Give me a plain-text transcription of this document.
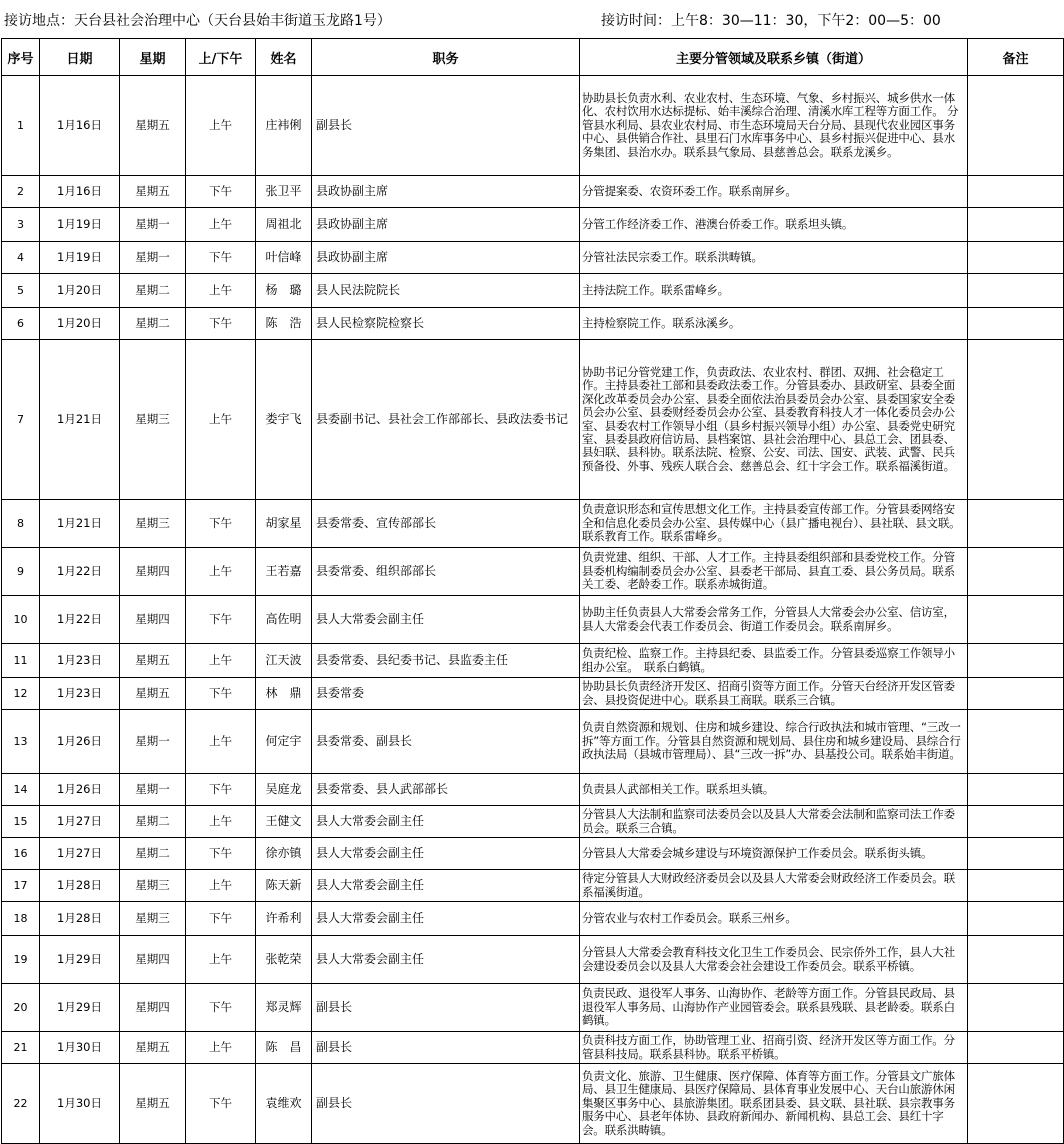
接访地点：天台县社会治理中心（天台县始丰街道玉龙路1号）	接访时间：上午8：30—11：30，下午2：00—5：00
序号	日期	星期	上/下午	姓名	职务	主要分管领域及联系乡镇（街道）	备注
1	1月16日	星期五	上午	庄袆俐	副县长	协助县长负责水利、农业农村、生态环境、气象、乡村振兴、城乡供水一体化、农村饮用水达标提标、始丰溪综合治理、清溪水库工程等方面工作。 分管县水利局、县农业农村局、市生态环境局天台分局、县现代农业园区事务中心、县供销合作社、县里石门水库事务中心、县乡村振兴促进中心、县水务集团、县治水办。联系县气象局、县慈善总会。联系龙溪乡。	
2	1月16日	星期五	下午	张卫平	县政协副主席	分管提案委、农资环委工作。联系南屏乡。	
3	1月19日	星期一	上午	周祖北	县政协副主席	分管工作经济委工作、港澳台侨委工作。联系坦头镇。	
4	1月19日	星期一	下午	叶信峰	县政协副主席	分管社法民宗委工作。联系洪畴镇。	
5	1月20日	星期二	上午	杨　璐	县人民法院院长	主持法院工作。联系雷峰乡。	
6	1月20日	星期二	下午	陈　浩	县人民检察院检察长	主持检察院工作。联系泳溪乡。	
7	1月21日	星期三	上午	娄宇飞	县委副书记、县社会工作部部长、县政法委书记	协助书记分管党建工作，负责政法、农业农村、群团、双拥、社会稳定工作。主持县委社工部和县委政法委工作。分管县委办、县政研室、县委全面深化改革委员会办公室、县委全面依法治县委员会办公室、县委国家安全委员会办公室、县委财经委员会办公室、县委教育科技人才一体化委员会办公室、县委农村工作领导小组（县乡村振兴领导小组）办公室、县委党史研究室、县委县政府信访局、县档案馆、县社会治理中心、县总工会、团县委、县妇联、县科协。联系法院、检察、公安、司法、国安、武装、武警、民兵预备役、外事、残疾人联合会、慈善总会、红十字会工作。联系福溪街道。	
8	1月21日	星期三	下午	胡家星	县委常委、宣传部部长	负责意识形态和宣传思想文化工作。主持县委宣传部工作。分管县委网络安全和信息化委员会办公室、县传媒中心（县广播电视台）、县社联、县文联。联系教育工作。联系雷峰乡。	
9	1月22日	星期四	上午	王若嘉	县委常委、组织部部长	负责党建、组织、干部、人才工作。主持县委组织部和县委党校工作。分管县委机构编制委员会办公室、县委老干部局、县直工委、县公务员局。联系关工委、老龄委工作。联系赤城街道。	
10	1月22日	星期四	下午	高佐明	县人大常委会副主任	协助主任负责县人大常委会常务工作，分管县人大常委会办公室、信访室，县人大常委会代表工作委员会、街道工作委员会。联系南屏乡。	
11	1月23日	星期五	上午	江天波	县委常委、县纪委书记、县监委主任	负责纪检、监察工作。主持县纪委、县监委工作。分管县委巡察工作领导小组办公室。　联系白鹤镇。	
12	1月23日	星期五	下午	林　鼎	县委常委	协助县长负责经济开发区、招商引资等方面工作。分管天台经济开发区管委会、县投资促进中心。联系县工商联。联系三合镇。	
13	1月26日	星期一	上午	何定宇	县委常委、副县长	负责自然资源和规划、住房和城乡建设、综合行政执法和城市管理、“三改一拆”等方面工作。分管县自然资源和规划局、县住房和城乡建设局、县综合行政执法局（县城市管理局）、县“三改一拆”办、县基投公司。联系始丰街道。	
14	1月26日	星期一	下午	吴庭龙	县委常委、县人武部部长	负责县人武部相关工作。联系坦头镇。	
15	1月27日	星期二	上午	王健文	县人大常委会副主任	分管县人大法制和监察司法委员会以及县人大常委会法制和监察司法工作委员会。联系三合镇。	
16	1月27日	星期二	下午	徐亦镇	县人大常委会副主任	分管县人大常委会城乡建设与环境资源保护工作委员会。联系街头镇。	
17	1月28日	星期三	上午	陈天新	县人大常委会副主任	待定分管县人大财政经济委员会以及县人大常委会财政经济工作委员会。联系福溪街道。	
18	1月28日	星期三	下午	许希利	县人大常委会副主任	分管农业与农村工作委员会。联系三州乡。	
19	1月29日	星期四	上午	张乾荣	县人大常委会副主任	分管县人大常委会教育科技文化卫生工作委员会、民宗侨外工作，县人大社会建设委员会以及县人大常委会社会建设工作委员会。联系平桥镇。	
20	1月29日	星期四	下午	郑灵辉	副县长	负责民政、退役军人事务、山海协作、老龄等方面工作。分管县民政局、县退役军人事务局、山海协作产业园管委会。联系县残联、县老龄委。联系白鹤镇。	
21	1月30日	星期五	上午	陈　昌	副县长	负责科技方面工作，协助管理工业、招商引资、经济开发区等方面工作。分管县科技局。联系县科协。联系平桥镇。	
22	1月30日	星期五	下午	袁维欢	副县长	负责文化、旅游、卫生健康、医疗保障、体育等方面工作。分管县文广旅体局、县卫生健康局、县医疗保障局、县体育事业发展中心、天台山旅游休闲集聚区事务中心、县旅游集团。联系团县委、县文联、县社联、县宗教事务服务中心、县老年体协、县政府新闻办、新闻机构、县总工会、县红十字会。联系洪畴镇。	
